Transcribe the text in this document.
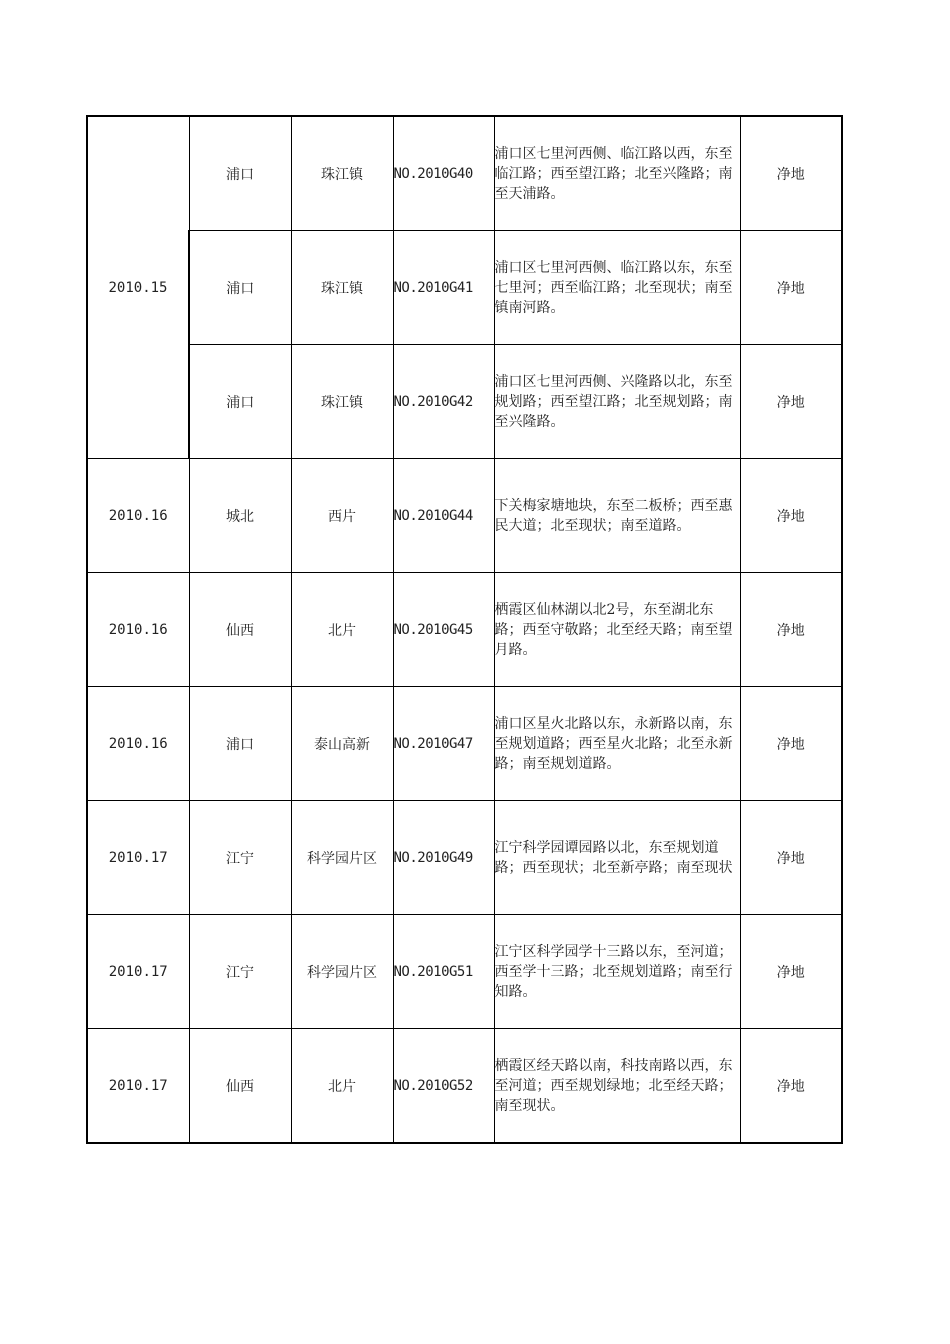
2010.15	浦口	珠江镇	NO.2010G40	浦口区七里河西侧、临江路以西，东至临江路；西至望江路；北至兴隆路；南至天浦路。	净地
	浦口	珠江镇	NO.2010G41	浦口区七里河西侧、临江路以东，东至七里河；西至临江路；北至现状；南至镇南河路。	净地
	浦口	珠江镇	NO.2010G42	浦口区七里河西侧、兴隆路以北，东至规划路；西至望江路；北至规划路；南至兴隆路。	净地
2010.16	城北	西片	NO.2010G44	下关梅家塘地块，东至二板桥；西至惠民大道；北至现状；南至道路。	净地
2010.16	仙西	北片	NO.2010G45	栖霞区仙林湖以北2号，东至湖北东路；西至守敬路；北至经天路；南至望月路。	净地
2010.16	浦口	泰山高新	NO.2010G47	浦口区星火北路以东，永新路以南，东至规划道路；西至星火北路；北至永新路；南至规划道路。	净地
2010.17	江宁	科学园片区	NO.2010G49	江宁科学园谭园路以北，东至规划道路；西至现状；北至新亭路；南至现状	净地
2010.17	江宁	科学园片区	NO.2010G51	江宁区科学园学十三路以东，至河道；西至学十三路；北至规划道路；南至行知路。	净地
2010.17	仙西	北片	NO.2010G52	栖霞区经天路以南，科技南路以西，东至河道；西至规划绿地；北至经天路；南至现状。	净地
